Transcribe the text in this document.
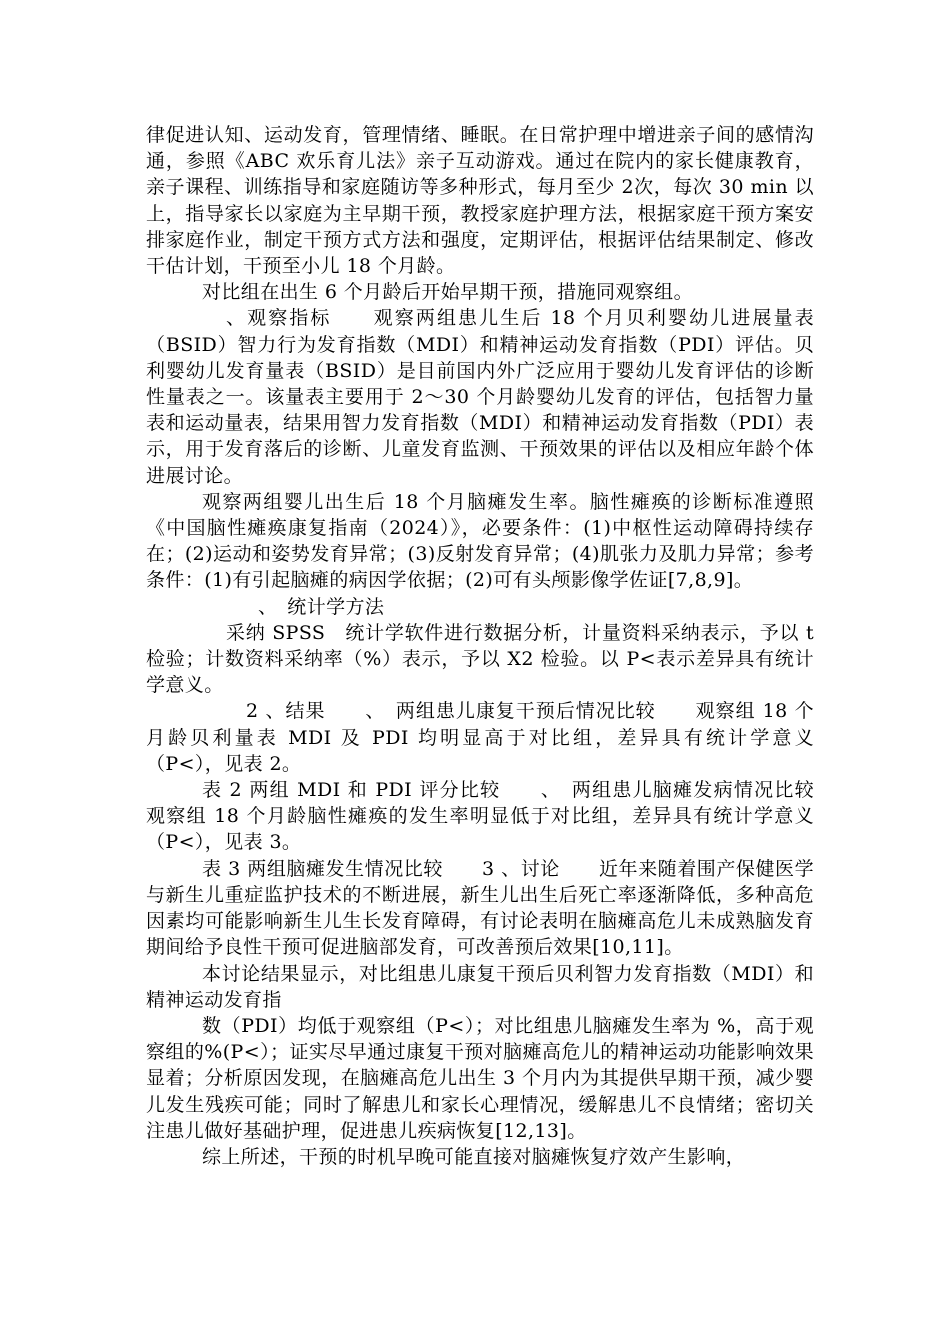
律促进认知、运动发育，管理情绪、睡眠。在日常护理中增进亲子间的感情沟通，参照《ABC 欢乐育儿法》亲子互动游戏。通过在院内的家长健康教育，亲子课程、训练指导和家庭随访等多种形式，每月至少 2次，每次 30 min 以上，指导家长以家庭为主早期干预，教授家庭护理方法，根据家庭干预方案安排家庭作业，制定干预方式方法和强度，定期评估，根据评估结果制定、修改干估计划，干预至小儿 18 个月龄。

对比组在出生 6 个月龄后开始早期干预，措施同观察组。

、观察指标　　观察两组患儿生后 18 个月贝利婴幼儿进展量表（BSID）智力行为发育指数（MDI）和精神运动发育指数（PDI）评估。贝利婴幼儿发育量表（BSID）是目前国内外广泛应用于婴幼儿发育评估的诊断性量表之一。该量表主要用于 2～30 个月龄婴幼儿发育的评估，包括智力量表和运动量表，结果用智力发育指数（MDI）和精神运动发育指数（PDI）表示，用于发育落后的诊断、儿童发育监测、干预效果的评估以及相应年龄个体进展讨论。

观察两组婴儿出生后 18 个月脑瘫发生率。脑性瘫痪的诊断标准遵照《中国脑性瘫痪康复指南（2024）》，必要条件：(1)中枢性运动障碍持续存在；(2)运动和姿势发育异常；(3)反射发育异常；(4)肌张力及肌力异常；参考条件：(1)有引起脑瘫的病因学依据；(2)可有头颅影像学佐证[7,8,9]。

、　统计学方法

采纳 SPSS　统计学软件进行数据分析，计量资料采纳表示，予以 t 检验；计数资料采纳率（%）表示，予以 X2 检验。以 P<表示差异具有统计学意义。

2 、结果　　、　两组患儿康复干预后情况比较　　观察组 18 个月龄贝利量表 MDI 及 PDI 均明显高于对比组，差异具有统计学意义（P<），见表 2。

表 2 两组 MDI 和 PDI 评分比较　　、　两组患儿脑瘫发病情况比较　　观察组 18 个月龄脑性瘫痪的发生率明显低于对比组，差异具有统计学意义（P<），见表 3。

表 3 两组脑瘫发生情况比较　　3 、讨论　　近年来随着围产保健医学与新生儿重症监护技术的不断进展，新生儿出生后死亡率逐渐降低，多种高危因素均可能影响新生儿生长发育障碍，有讨论表明在脑瘫高危儿未成熟脑发育期间给予良性干预可促进脑部发育，可改善预后效果[10,11]。

本讨论结果显示，对比组患儿康复干预后贝利智力发育指数（MDI）和精神运动发育指

数（PDI）均低于观察组（P<）；对比组患儿脑瘫发生率为 %，高于观察组的%(P<）；证实尽早通过康复干预对脑瘫高危儿的精神运动功能影响效果显着；分析原因发现，在脑瘫高危儿出生 3 个月内为其提供早期干预，减少婴儿发生残疾可能；同时了解患儿和家长心理情况，缓解患儿不良情绪；密切关注患儿做好基础护理，促进患儿疾病恢复[12,13]。

综上所述，干预的时机早晚可能直接对脑瘫恢复疗效产生影响，
